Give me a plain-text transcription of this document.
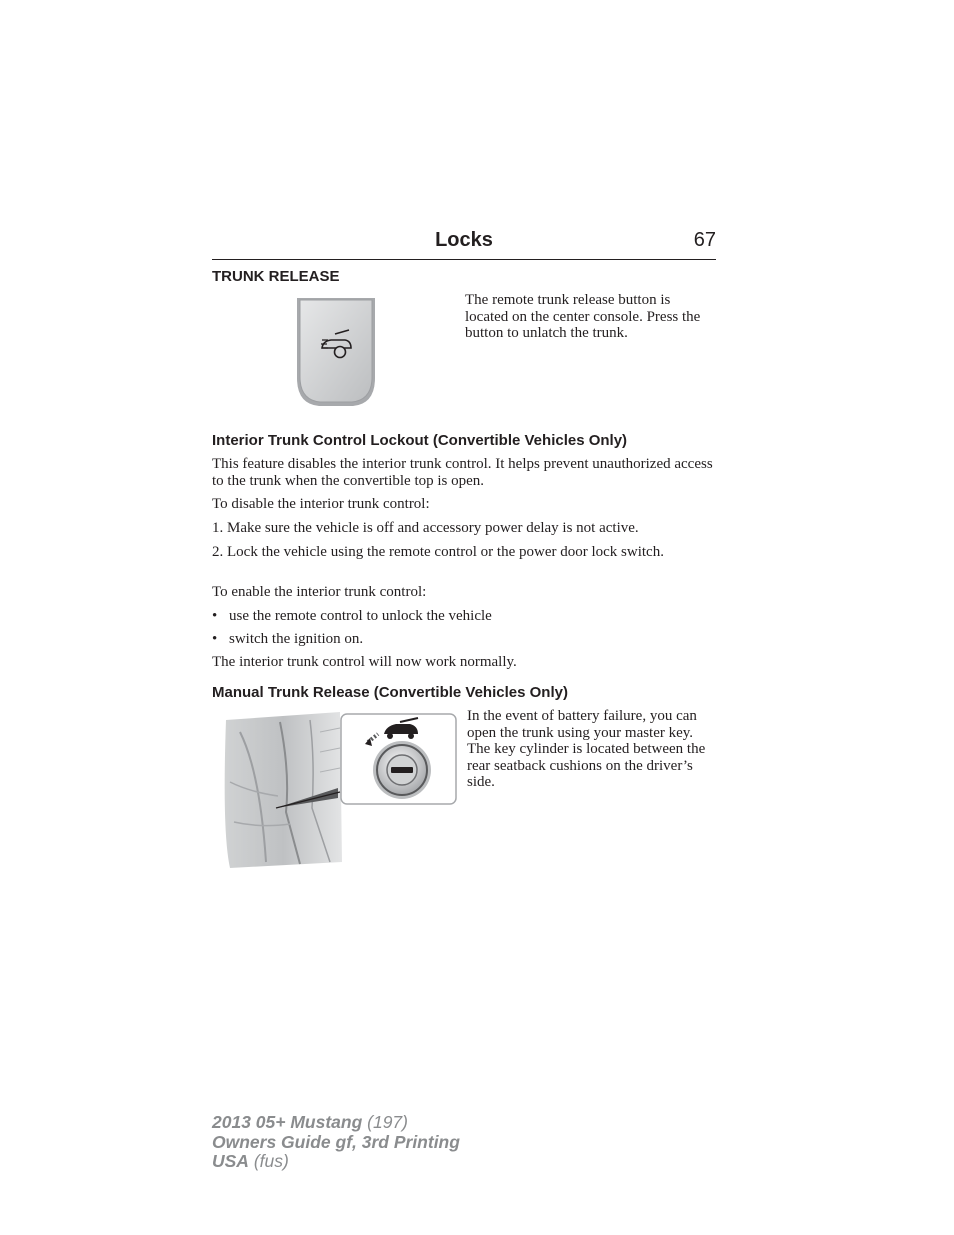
Locks	67
TRUNK RELEASE
The remote trunk release button is located on the center console. Press the button to unlatch the trunk.
Interior Trunk Control Lockout (Convertible Vehicles Only)
This feature disables the interior trunk control. It helps prevent unauthorized access to the trunk when the convertible top is open.
To disable the interior trunk control:
1. Make sure the vehicle is off and accessory power delay is not active.
2. Lock the vehicle using the remote control or the power door lock switch.
To enable the interior trunk control:
• use the remote control to unlock the vehicle
• switch the ignition on.
The interior trunk control will now work normally.
Manual Trunk Release (Convertible Vehicles Only)
In the event of battery failure, you can open the trunk using your master key. The key cylinder is located between the rear seatback cushions on the driver’s side.
2013 05+ Mustang (197)
Owners Guide gf, 3rd Printing
USA (fus)
